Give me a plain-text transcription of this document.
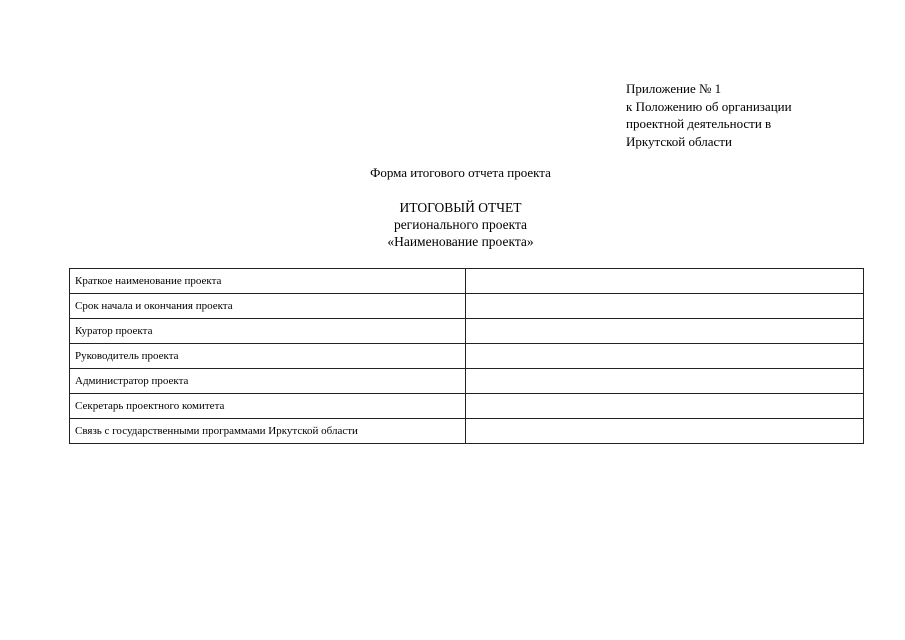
Приложение № 1
к Положению об организации
проектной деятельности в
Иркутской области
Форма итогового отчета проекта
ИТОГОВЫЙ ОТЧЕТ
регионального проекта
«Наименование проекта»
Краткое наименование проекта	
Срок начала и окончания проекта	
Куратор проекта	
Руководитель проекта	
Администратор проекта	
Секретарь проектного комитета	
Связь с государственными программами Иркутской области	
